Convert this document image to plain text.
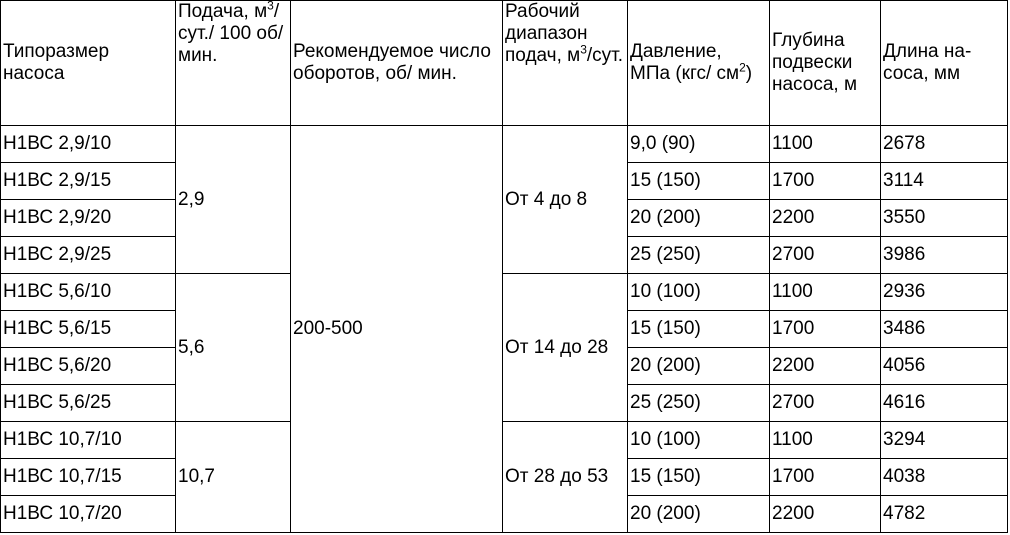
Типоразмер насоса	Подача, $м^3/сут./$ 100 об/ мин.	Рекомендуемое число оборотов, об/ мин.	Рабочий диапазон подач, $м^3$/сут.	Давление, МПа (кгс/ $см^2$)	Глубина подвески насоса, м	Длина на-соса, мм
Н1ВС 2,9/10	2,9	200-500	От 4 до 8	9,0 (90)	1100	2678
Н1ВС 2,9/15				15 (150)	1700	3114
Н1ВС 2,9/20				20 (200)	2200	3550
Н1ВС 2,9/25				25 (250)	2700	3986
Н1ВС 5,6/10	5,6		От 14 до 28	10 (100)	1100	2936
Н1ВС 5,6/15				15 (150)	1700	3486
Н1ВС 5,6/20				20 (200)	2200	4056
Н1ВС 5,6/25				25 (250)	2700	4616
Н1ВС 10,7/10	10,7		От 28 до 53	10 (100)	1100	3294
Н1ВС 10,7/15				15 (150)	1700	4038
Н1ВС 10,7/20				20 (200)	2200	4782
